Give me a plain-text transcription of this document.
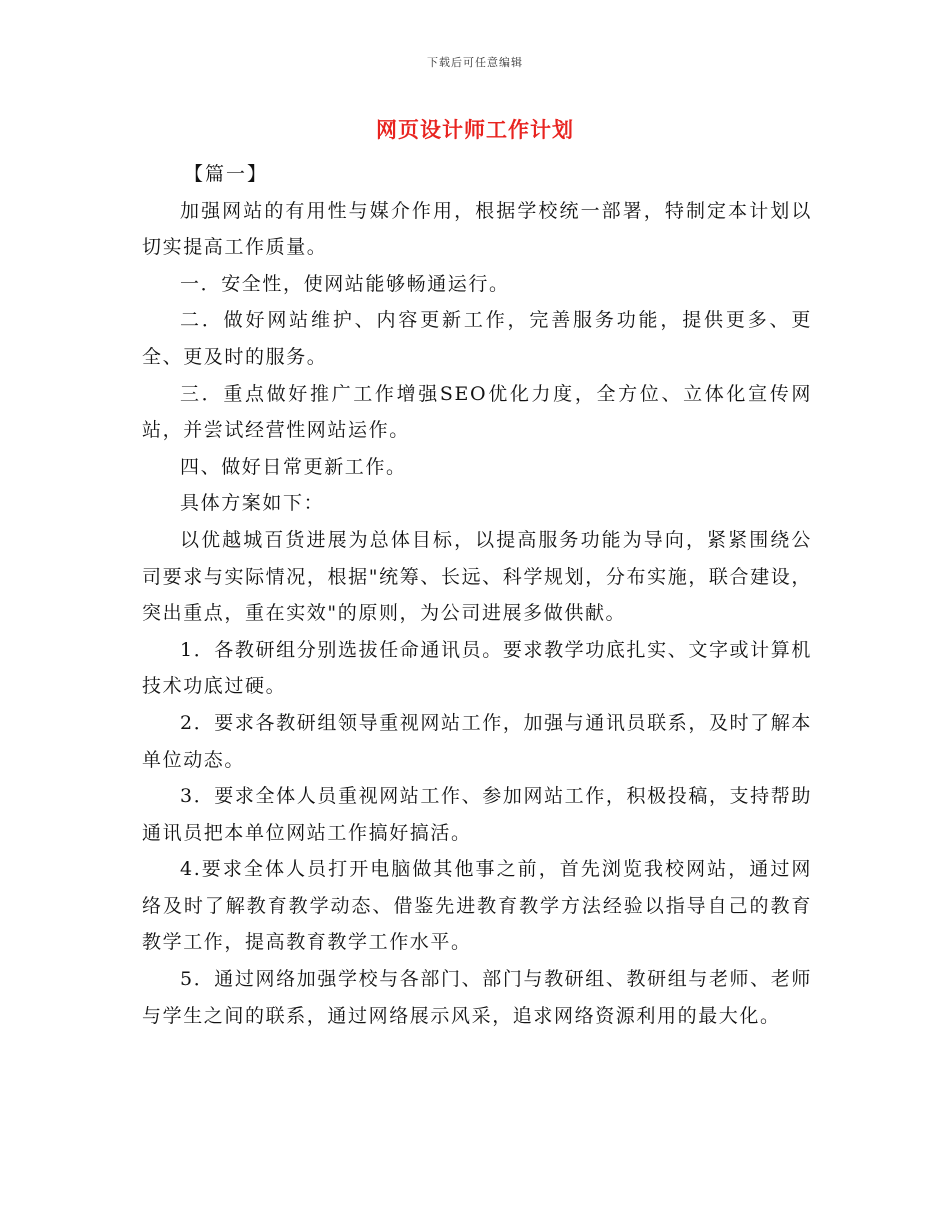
下载后可任意编辑
网页设计师工作计划

【篇一】

加强网站的有用性与媒介作用，根据学校统一部署，特制定本计划以切实提高工作质量。

一．安全性，使网站能够畅通运行。

二．做好网站维护、内容更新工作，完善服务功能，提供更多、更全、更及时的服务。

三．重点做好推广工作增强SEO优化力度，全方位、立体化宣传网站，并尝试经营性网站运作。

四、做好日常更新工作。

具体方案如下：

以优越城百货进展为总体目标，以提高服务功能为导向，紧紧围绕公司要求与实际情况，根据"统筹、长远、科学规划，分布实施，联合建设，突出重点，重在实效"的原则，为公司进展多做供献。

1．各教研组分别选拔任命通讯员。要求教学功底扎实、文字或计算机技术功底过硬。

2．要求各教研组领导重视网站工作，加强与通讯员联系，及时了解本单位动态。

3．要求全体人员重视网站工作、参加网站工作，积极投稿，支持帮助通讯员把本单位网站工作搞好搞活。

4.要求全体人员打开电脑做其他事之前，首先浏览我校网站，通过网络及时了解教育教学动态、借鉴先进教育教学方法经验以指导自己的教育教学工作，提高教育教学工作水平。

5．通过网络加强学校与各部门、部门与教研组、教研组与老师、老师与学生之间的联系，通过网络展示风采，追求网络资源利用的最大化。
